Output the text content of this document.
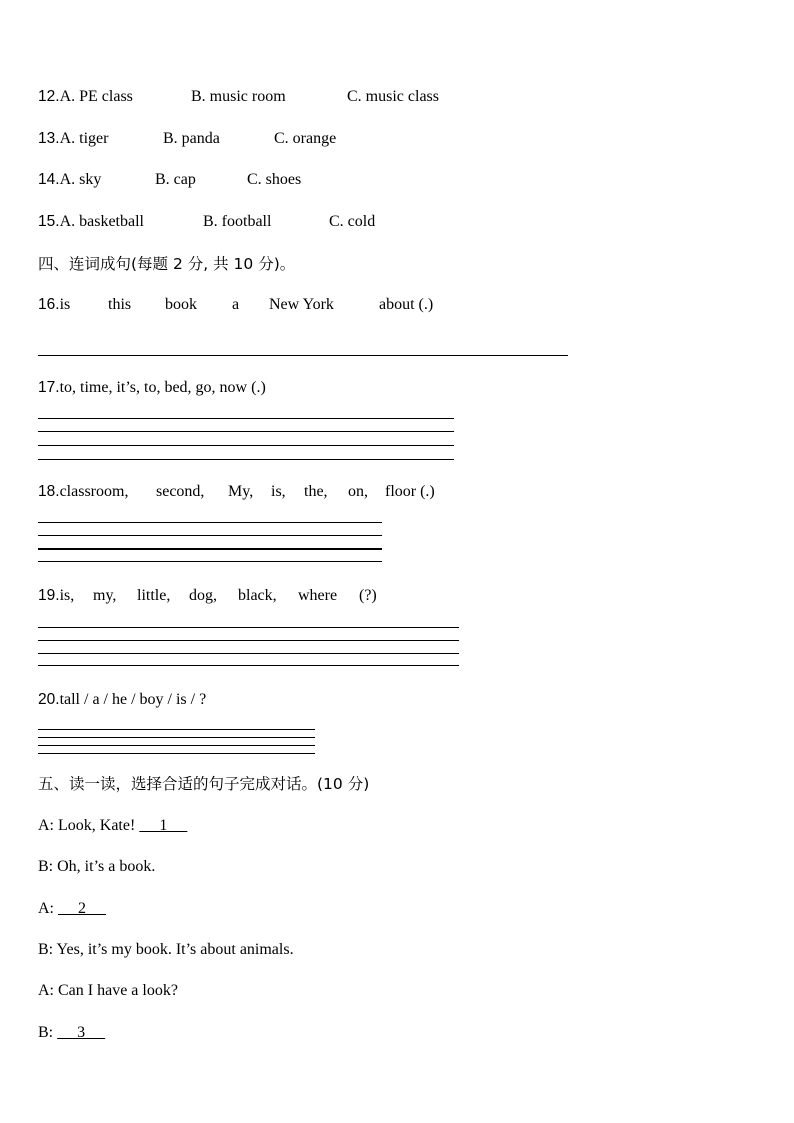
12.A. PE class	B. music room	C. music class
13.A. tiger	B. panda	C. orange
14.A. sky	B. cap	C. shoes
15.A. basketball	B. football	C. cold
四、连词成句(每题 2 分, 共 10 分)。
16.is this book a New York	about (.)
17.to, time, it’s, to, bed, go, now (.)
18.classroom, second, My, is, the, on, floor (.)
19.is, my, little, dog, black, where (?)
20.tall / a / he / boy / is / ?
五、读一读，选择合适的句子完成对话。(10 分)
A: Look, Kate!      1
B: Oh, it’s a book.
A:      2
B: Yes, it’s my book. It’s about animals.
A: Can I have a look?
B:      3
